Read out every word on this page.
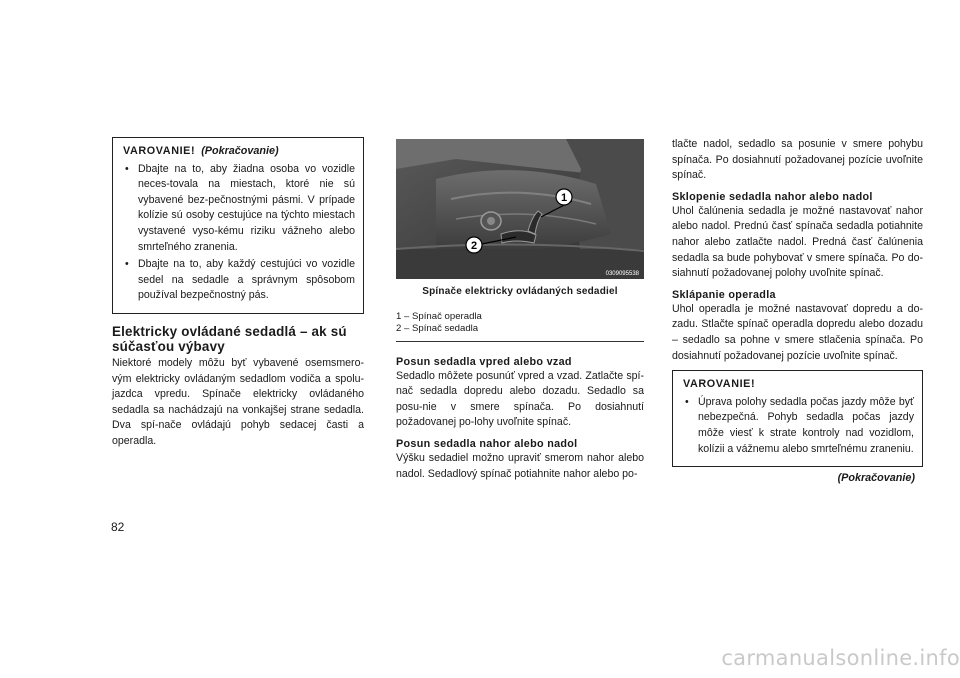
VAROVANIE! (Pokračovanie)
• Dbajte na to, aby žiadna osoba vo vozidle neces-tovala na miestach, ktoré nie sú vybavené bez-pečnostnými pásmi. V prípade kolízie sú osoby cestujúce na týchto miestach vystavené vyso-kému riziku vážneho alebo smrteľného zranenia.
• Dbajte na to, aby každý cestujúci vo vozidle sedel na sedadle a správnym spôsobom používal bezpečnostný pás.
Elektricky ovládané sedadlá – ak sú súčasťou výbavy

Niektoré modely môžu byť vybavené osemsmero-vým elektricky ovládaným sedadlom vodiča a spolu-jazdca vpredu. Spínače elektricky ovládaného sedadla sa nachádzajú na vonkajšej strane sedadla. Dva spí-nače ovládajú pohyb sedacej časti a operadla.

1
2
0309095538
Spínače elektricky ovládaných sedadiel
1 – Spínač operadla
2 – Spínač sedadla
Posun sedadla vpred alebo vzad

Sedadlo môžete posunúť vpred a vzad. Zatlačte spí-nač sedadla dopredu alebo dozadu. Sedadlo sa posu-nie v smere spínača. Po dosiahnutí požadovanej po-lohy uvoľnite spínač.

Posun sedadla nahor alebo nadol

Výšku sedadiel možno upraviť smerom nahor alebo nadol. Sedadlový spínač potiahnite nahor alebo po-

tlačte nadol, sedadlo sa posunie v smere pohybu spínača. Po dosiahnutí požadovanej pozície uvoľnite spínač.

Sklopenie sedadla nahor alebo nadol

Uhol čalúnenia sedadla je možné nastavovať nahor alebo nadol. Prednú časť spínača sedadla potiahnite nahor alebo zatlačte nadol. Predná časť čalúnenia sedadla sa bude pohybovať v smere spínača. Po do-siahnutí požadovanej polohy uvoľnite spínač.

Sklápanie operadla

Uhol operadla je možné nastavovať dopredu a do-zadu. Stlačte spínač operadla dopredu alebo dozadu – sedadlo sa pohne v smere stlačenia spínača. Po dosiahnutí požadovanej pozície uvoľnite spínač.

VAROVANIE!
• Úprava polohy sedadla počas jazdy môže byť nebezpečná. Pohyb sedadla počas jazdy môže viesť k strate kontroly nad vozidlom, kolízii a vážnemu alebo smrteľnému zraneniu.
(Pokračovanie)
82
carmanualsonline.info
